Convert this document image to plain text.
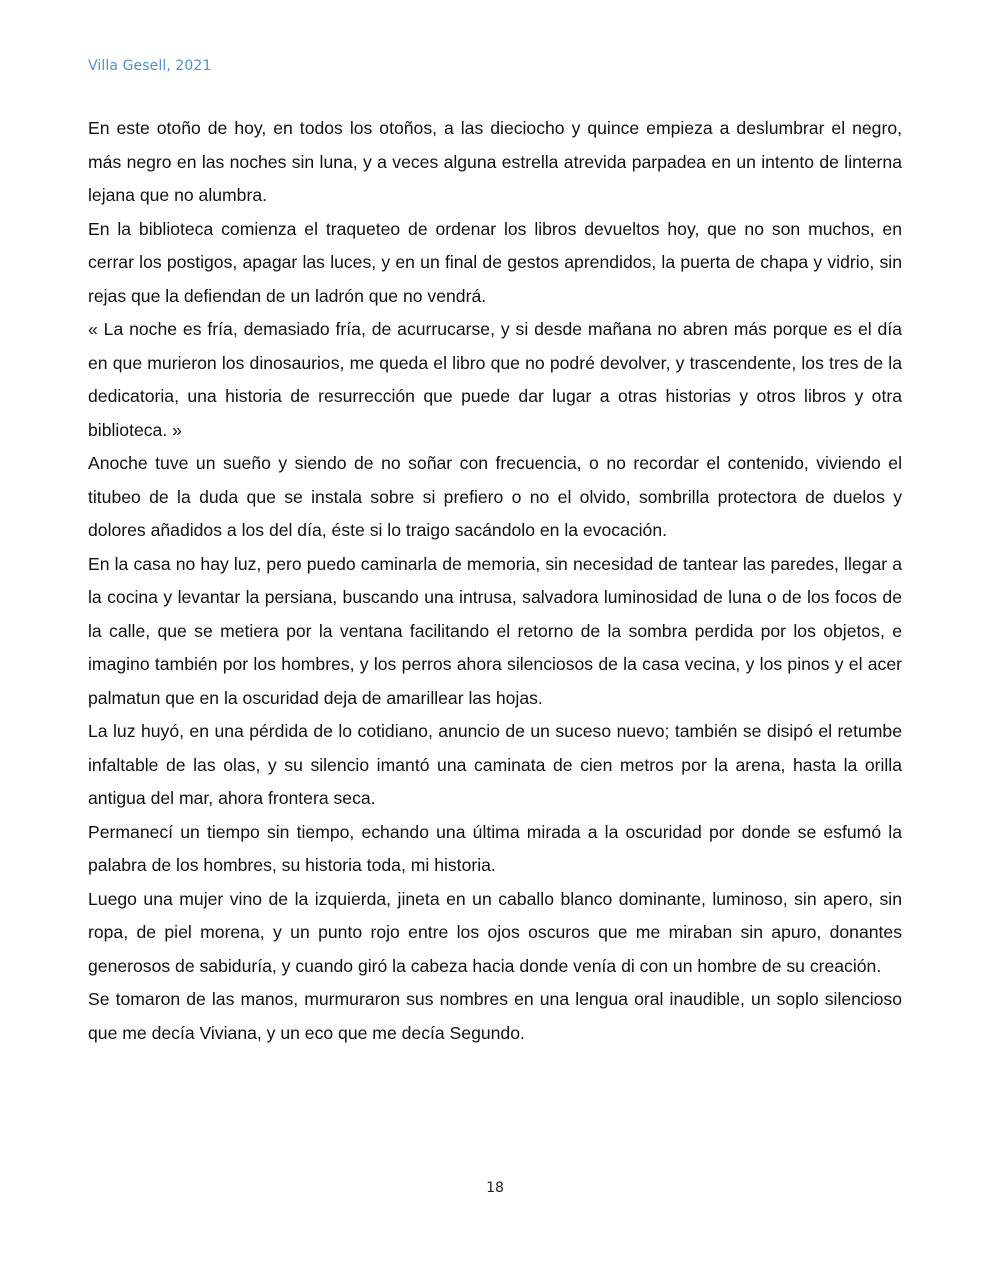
Villa Gesell, 2021

En este otoño de hoy, en todos los otoños, a las dieciocho y quince empieza a deslumbrar el negro, más negro en las noches sin luna, y a veces alguna estrella atrevida parpadea en un intento de linterna lejana que no alumbra.

En la biblioteca comienza el traqueteo de ordenar los libros devueltos hoy, que no son muchos, en cerrar los postigos, apagar las luces, y en un final de gestos aprendidos, la puerta de chapa y vidrio, sin rejas que la defiendan de un ladrón que no vendrá.

« La noche es fría, demasiado fría, de acurrucarse, y si desde mañana no abren más porque es el día en que murieron los dinosaurios, me queda el libro que no podré devolver, y trascendente, los tres de la dedicatoria, una historia de resurrección que puede dar lugar a otras historias y otros libros y otra biblioteca. »

Anoche tuve un sueño y siendo de no soñar con frecuencia, o no recordar el contenido, viviendo el titubeo de la duda que se instala sobre si prefiero o no el olvido, sombrilla protectora de duelos y dolores añadidos a los del día, éste si lo traigo sacándolo en la evocación.

En la casa no hay luz, pero puedo caminarla de memoria, sin necesidad de tantear las paredes, llegar a la cocina y levantar la persiana, buscando una intrusa, salvadora luminosidad de luna o de los focos de la calle, que se metiera por la ventana facilitando el retorno de la sombra perdida por los objetos, e imagino también por los hombres, y los perros ahora silenciosos de la casa vecina, y los pinos y el acer palmatun que en la oscuridad deja de amarillear las hojas.

La luz huyó, en una pérdida de lo cotidiano, anuncio de un suceso nuevo; también se disipó el retumbe infaltable de las olas, y su silencio imantó una caminata de cien metros por la arena, hasta la orilla antigua del mar, ahora frontera seca.

Permanecí un tiempo sin tiempo, echando una última mirada a la oscuridad por donde se esfumó la palabra de los hombres, su historia toda, mi historia.

Luego una mujer vino de la izquierda, jineta en un caballo blanco dominante, luminoso, sin apero, sin ropa, de piel morena, y un punto rojo entre los ojos oscuros que me miraban sin apuro, donantes generosos de sabiduría, y cuando giró la cabeza hacia donde venía di con un hombre de su creación.

Se tomaron de las manos, murmuraron sus nombres en una lengua oral inaudible, un soplo silencioso que me decía Viviana, y un eco que me decía Segundo.

18
